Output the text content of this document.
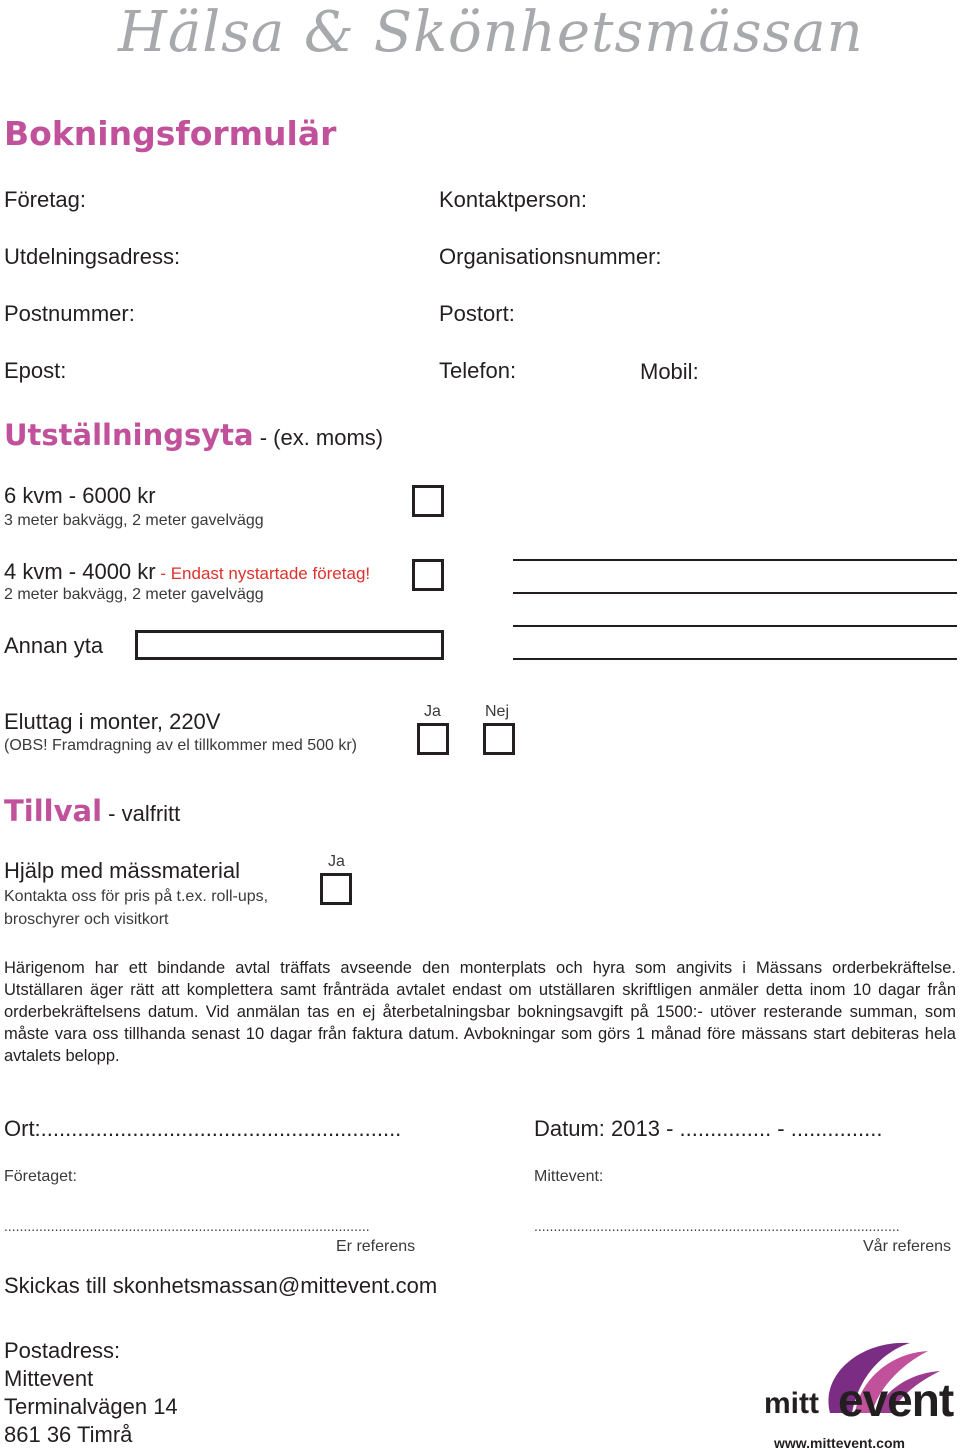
Hälsa & Skönhetsmässan
Bokningsformulär
Företag:	Kontaktperson:
Utdelningsadress:	Organisationsnummer:
Postnummer:	Postort:
Epost:	Telefon:	Mobil:
Utställningsyta - (ex. moms)
6 kvm - 6000 kr
3 meter bakvägg, 2 meter gavelvägg
4 kvm - 4000 kr - Endast nystartade företag!
2 meter bakvägg, 2 meter gavelvägg
Annan yta
Eluttag i monter, 220V
(OBS! Framdragning av el tillkommer med 500 kr)
Ja	Nej
Tillval - valfritt
Hjälp med mässmaterial
Kontakta oss för pris på t.ex. roll-ups,
broschyrer och visitkort
Ja
Härigenom har ett bindande avtal träffats avseende den monterplats och hyra som angivits i Mässans orderbekräftelse. Utställaren äger rätt att komplettera samt frånträda avtalet endast om utställaren skriftligen anmäler detta inom 10 dagar från orderbekräftelsens datum. Vid anmälan tas en ej återbetalningsbar bokningsavgift på 1500:- utöver resterande summan, som måste vara oss tillhanda senast 10 dagar från faktura datum. Avbokningar som görs 1 månad före mässans start debiteras hela avtalets belopp.
Ort:...........................................................	Datum: 2013 - ............... - ...............
Företaget:	Mittevent:
..............................................................................................	..............................................................................................
Er referens	Vår referens
Skickas till skonhetsmassan@mittevent.com
Postadress:
Mittevent
Terminalvägen 14
861 36 Timrå
mitt event
www.mittevent.com
